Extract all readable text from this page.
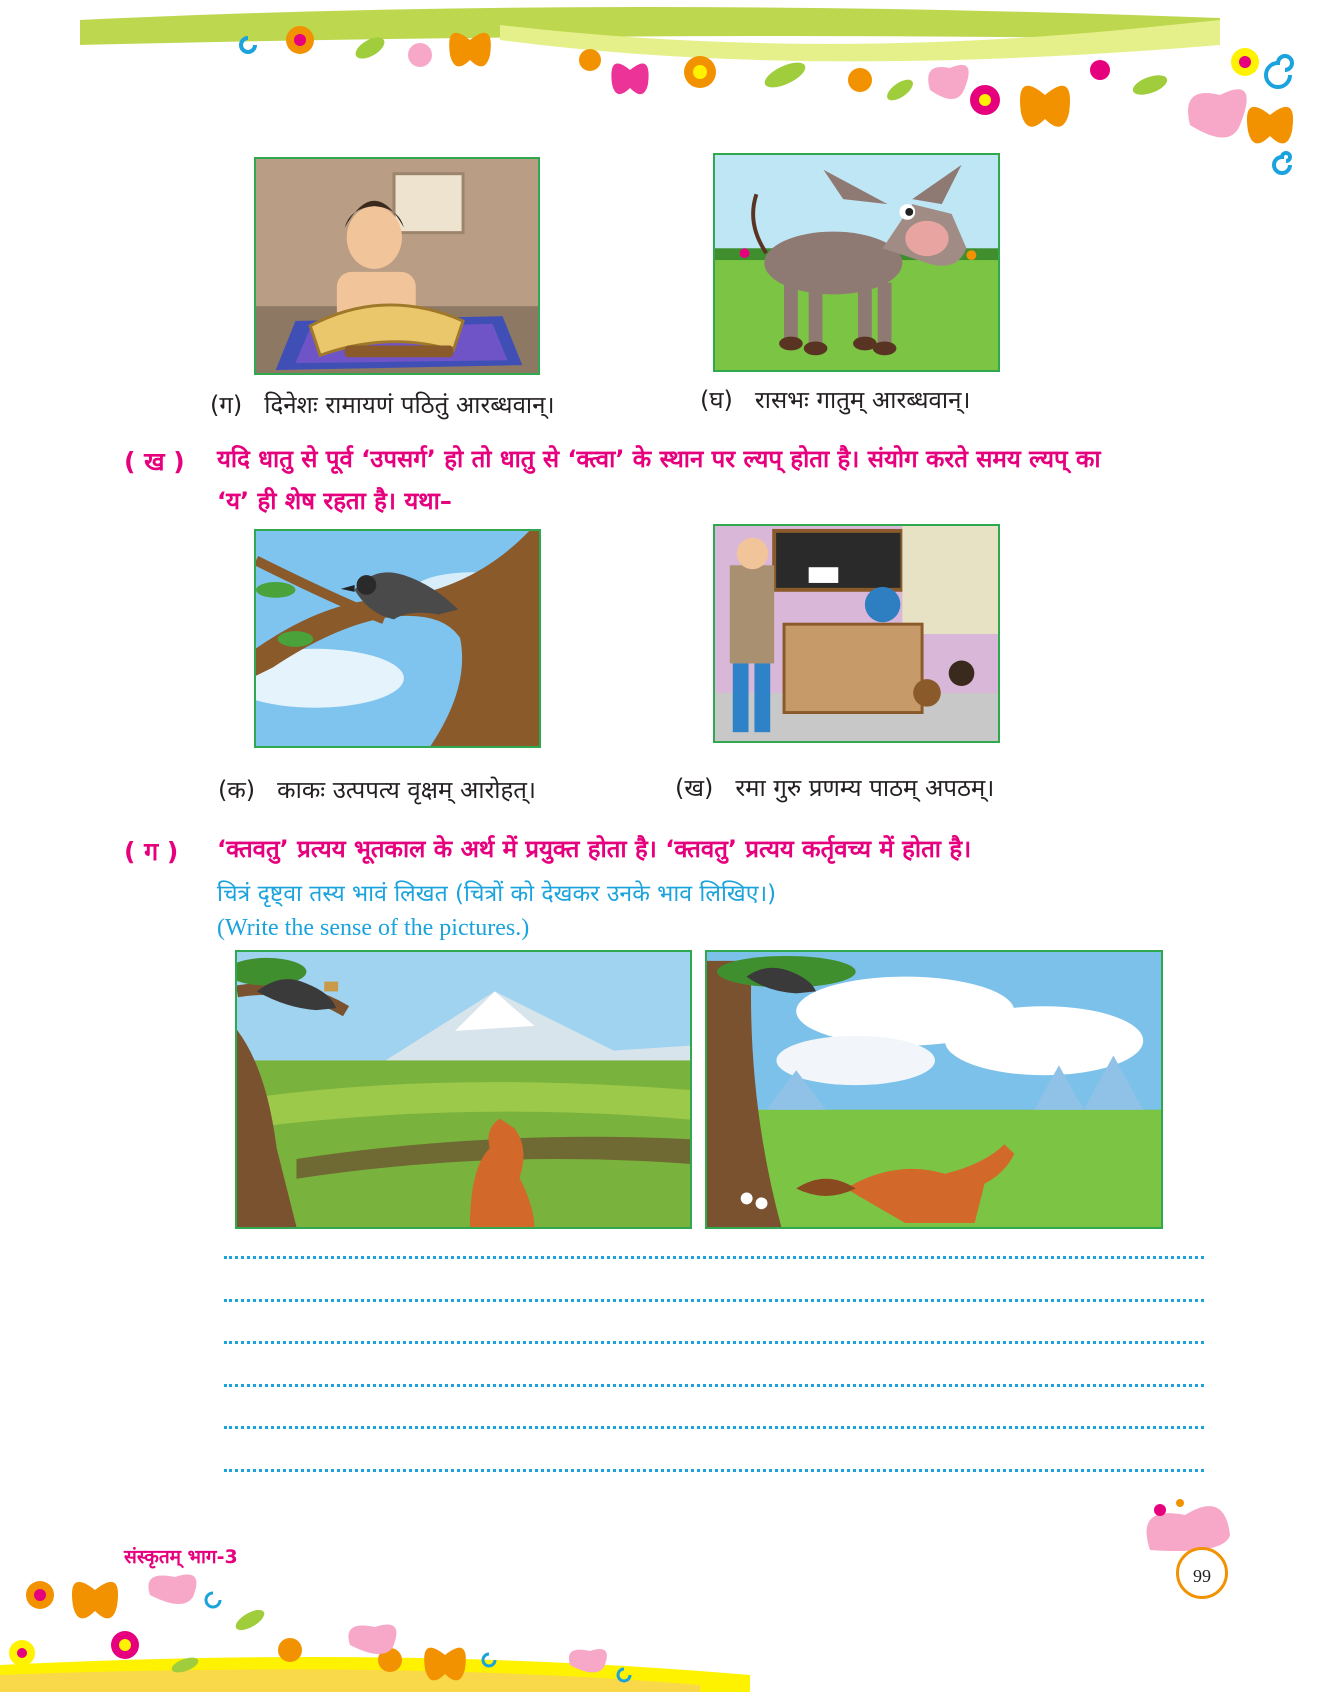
(ग) दिनेशः रामायणं पठितुं आरब्धवान्।	(घ) रासभः गातुम् आरब्धवान्।
( ख ) यदि धातु से पूर्व ‘उपसर्ग’ हो तो धातु से ‘क्त्वा’ के स्थान पर ल्यप् होता है। संयोग करते समय ल्यप् का
‘य’ ही शेष रहता है। यथा–
(क) काकः उत्पपत्य वृक्षम् आरोहत्।	(ख) रमा गुरु प्रणम्य पाठम् अपठम्।
( ग ) ‘क्तवतु’ प्रत्यय भूतकाल के अर्थ में प्रयुक्त होता है। ‘क्तवतु’ प्रत्यय कर्तृवच्य में होता है।
चित्रं दृष्ट्वा तस्य भावं लिखत (चित्रों को देखकर उनके भाव लिखिए।)
(Write the sense of the pictures.)
संस्कृतम् भाग-3
99
